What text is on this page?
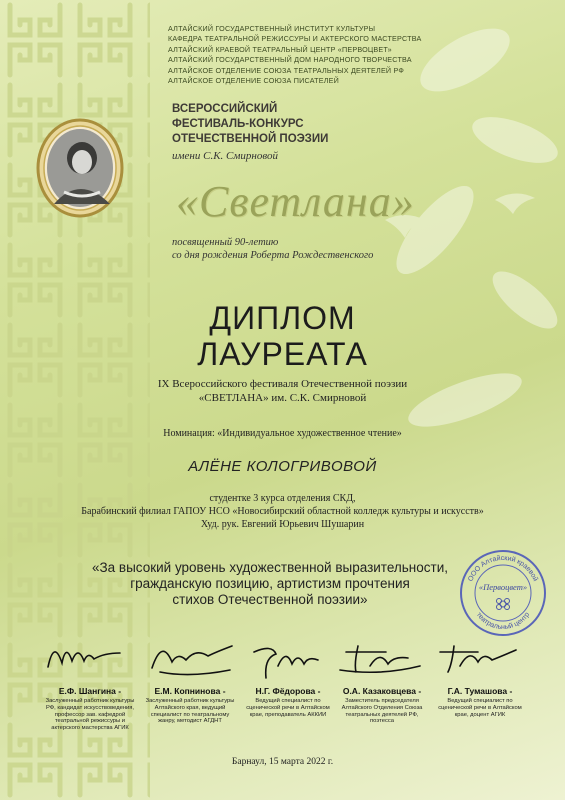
АЛТАЙСКИЙ ГОСУДАРСТВЕННЫЙ ИНСТИТУТ КУЛЬТУРЫ
КАФЕДРА ТЕАТРАЛЬНОЙ РЕЖИССУРЫ И АКТЕРСКОГО МАСТЕРСТВА
АЛТАЙСКИЙ КРАЕВОЙ ТЕАТРАЛЬНЫЙ ЦЕНТР «ПЕРВОЦВЕТ»
АЛТАЙСКИЙ ГОСУДАРСТВЕННЫЙ ДОМ НАРОДНОГО ТВОРЧЕСТВА
АЛТАЙСКОЕ ОТДЕЛЕНИЕ СОЮЗА ТЕАТРАЛЬНЫХ ДЕЯТЕЛЕЙ РФ
АЛТАЙСКОЕ ОТДЕЛЕНИЕ СОЮЗА ПИСАТЕЛЕЙ
ВСЕРОССИЙСКИЙ
ФЕСТИВАЛЬ-КОНКУРС
ОТЕЧЕСТВЕННОЙ ПОЭЗИИ
имени С.К. Смирновой
«Светлана»
посвященный 90-летию
со дня рождения Роберта Рождественского
ДИПЛОМ
ЛАУРЕАТА
IX Всероссийского фестиваля Отечественной поэзии
«СВЕТЛАНА» им. С.К. Смирновой
Номинация: «Индивидуальное художественное чтение»
АЛЁНЕ КОЛОГРИВОВОЙ
студентке 3 курса отделения СКД,
Барабинский филиал ГАПОУ НСО «Новосибирский областной колледж культуры и искусств»
Худ. рук. Евгений Юрьевич Шушарин
«За высокий уровень художественной выразительности,
гражданскую позицию, артистизм прочтения
стихов Отечественной поэзии»
ООО Алтайский краевой
театральный центр
«Первоцвет»
Е.Ф. Шангина -
Заслуженный работник культуры РФ, кандидат искусствоведения, профессор зав. кафедрой театральной режиссуры и актерского мастерства АГИК
Е.М. Копнинова -
Заслуженный работник культуры Алтайского края, ведущий специалист по театральному жанру, методист АГДНТ
Н.Г. Фёдорова -
Ведущий специалист по сценической речи в Алтайском крае, преподаватель АККИИ
О.А. Казаковцева -
Заместитель председателя Алтайского Отделения Союза театральных деятелей РФ, поэтесса
Г.А. Тумашова -
Ведущий специалист по сценической речи в Алтайском крае, доцент АГИК
Барнаул, 15 марта 2022 г.
